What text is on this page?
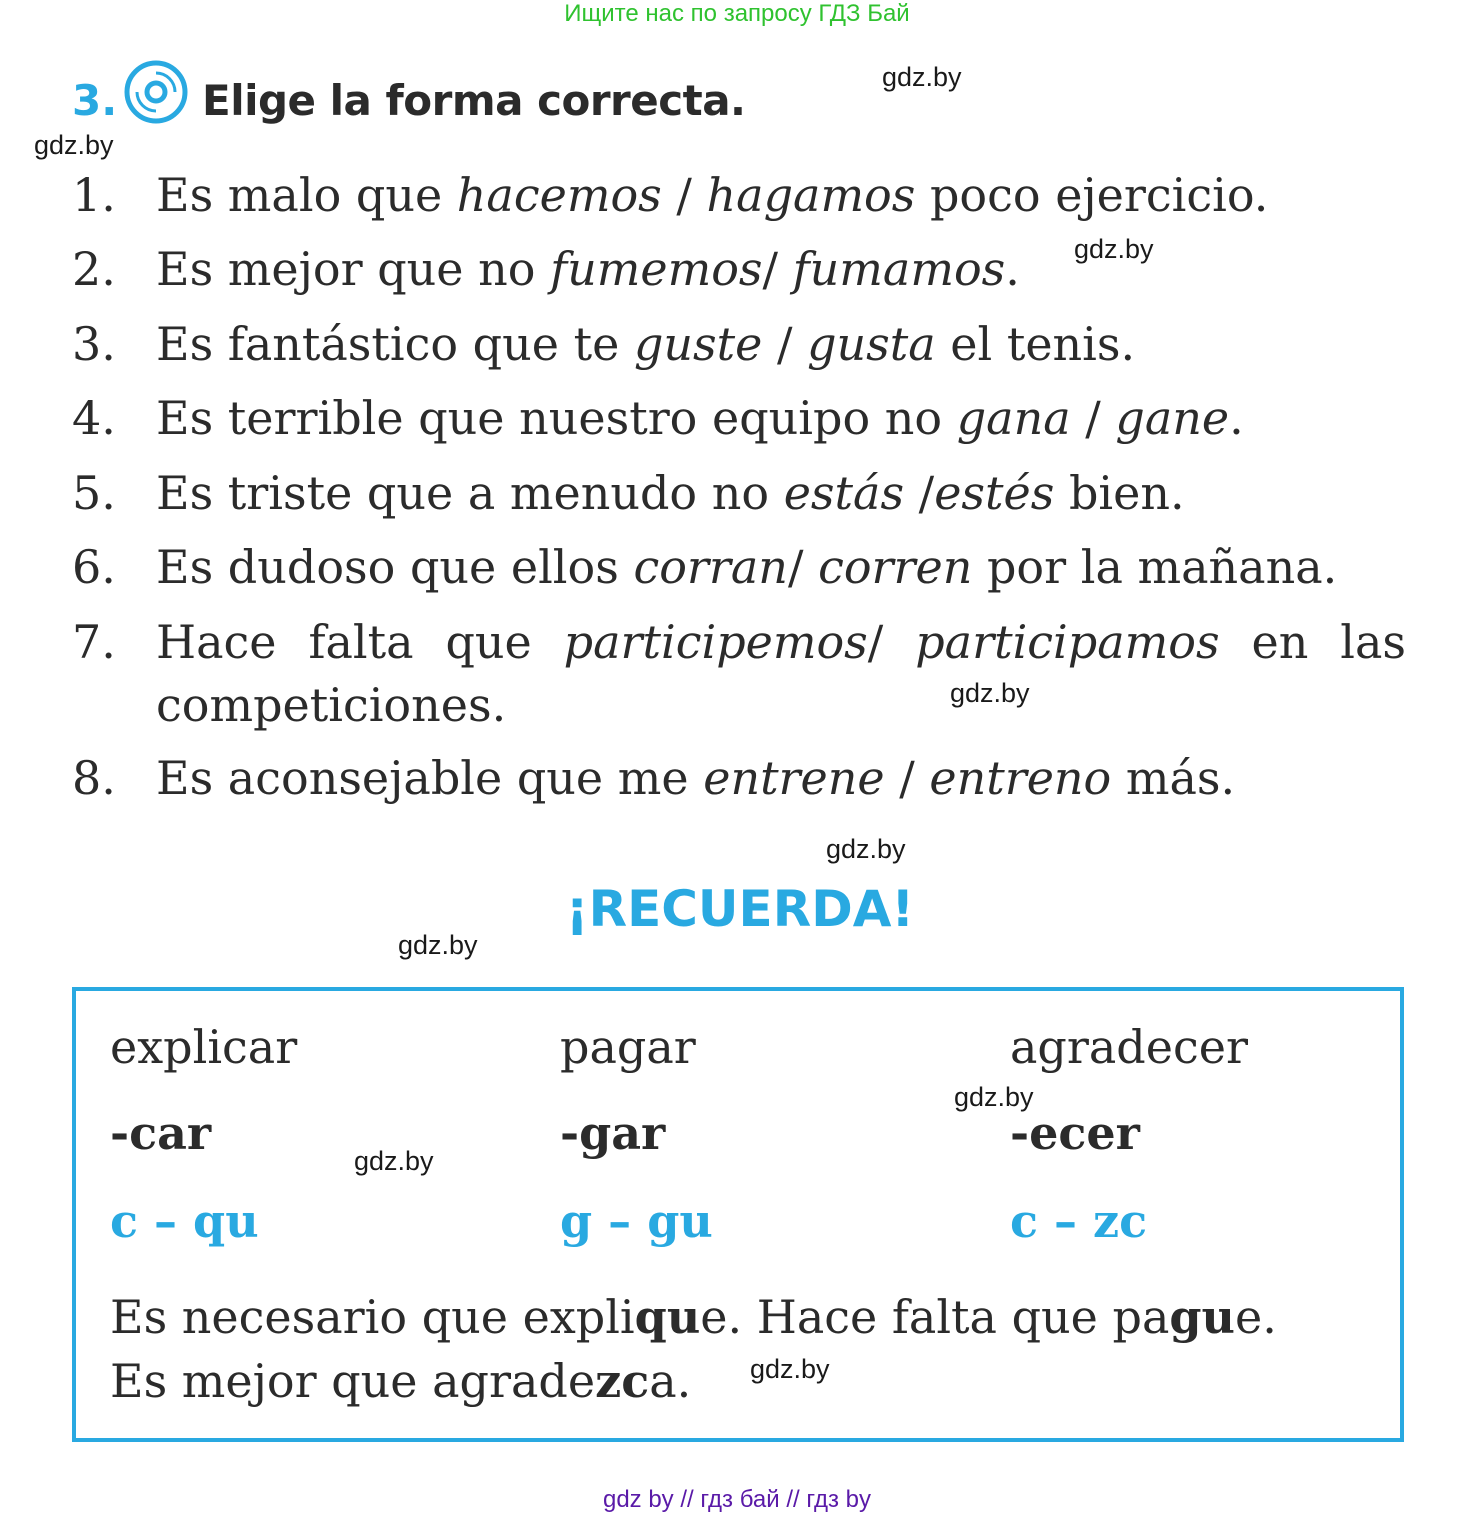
Ищите нас по запросу ГДЗ Бай
3. Elige la forma correcta.
1. Es malo que hacemos / hagamos poco ejercicio.
2. Es mejor que no fumemos/ fumamos.
3. Es fantástico que te guste / gusta el tenis.
4. Es terrible que nuestro equipo no gana / gane.
5. Es triste que a menudo no estás /estés bien.
6. Es dudoso que ellos corran/ corren por la mañana.
7. Hace falta que participemos/ participamos en las
competiciones.
8. Es aconsejable que me entrene / entreno más.
¡RECUERDA!
explicar	pagar	agradecer
-car	-gar	-ecer
c – qu	g – gu	c – zc
Es necesario que explique. Hace falta que pague.
Es mejor que agradezca.
gdz.by
gdz.by
gdz.by
gdz.by
gdz.by
gdz.by
gdz.by
gdz.by
gdz.by
gdz by // гдз бай // гдз by
